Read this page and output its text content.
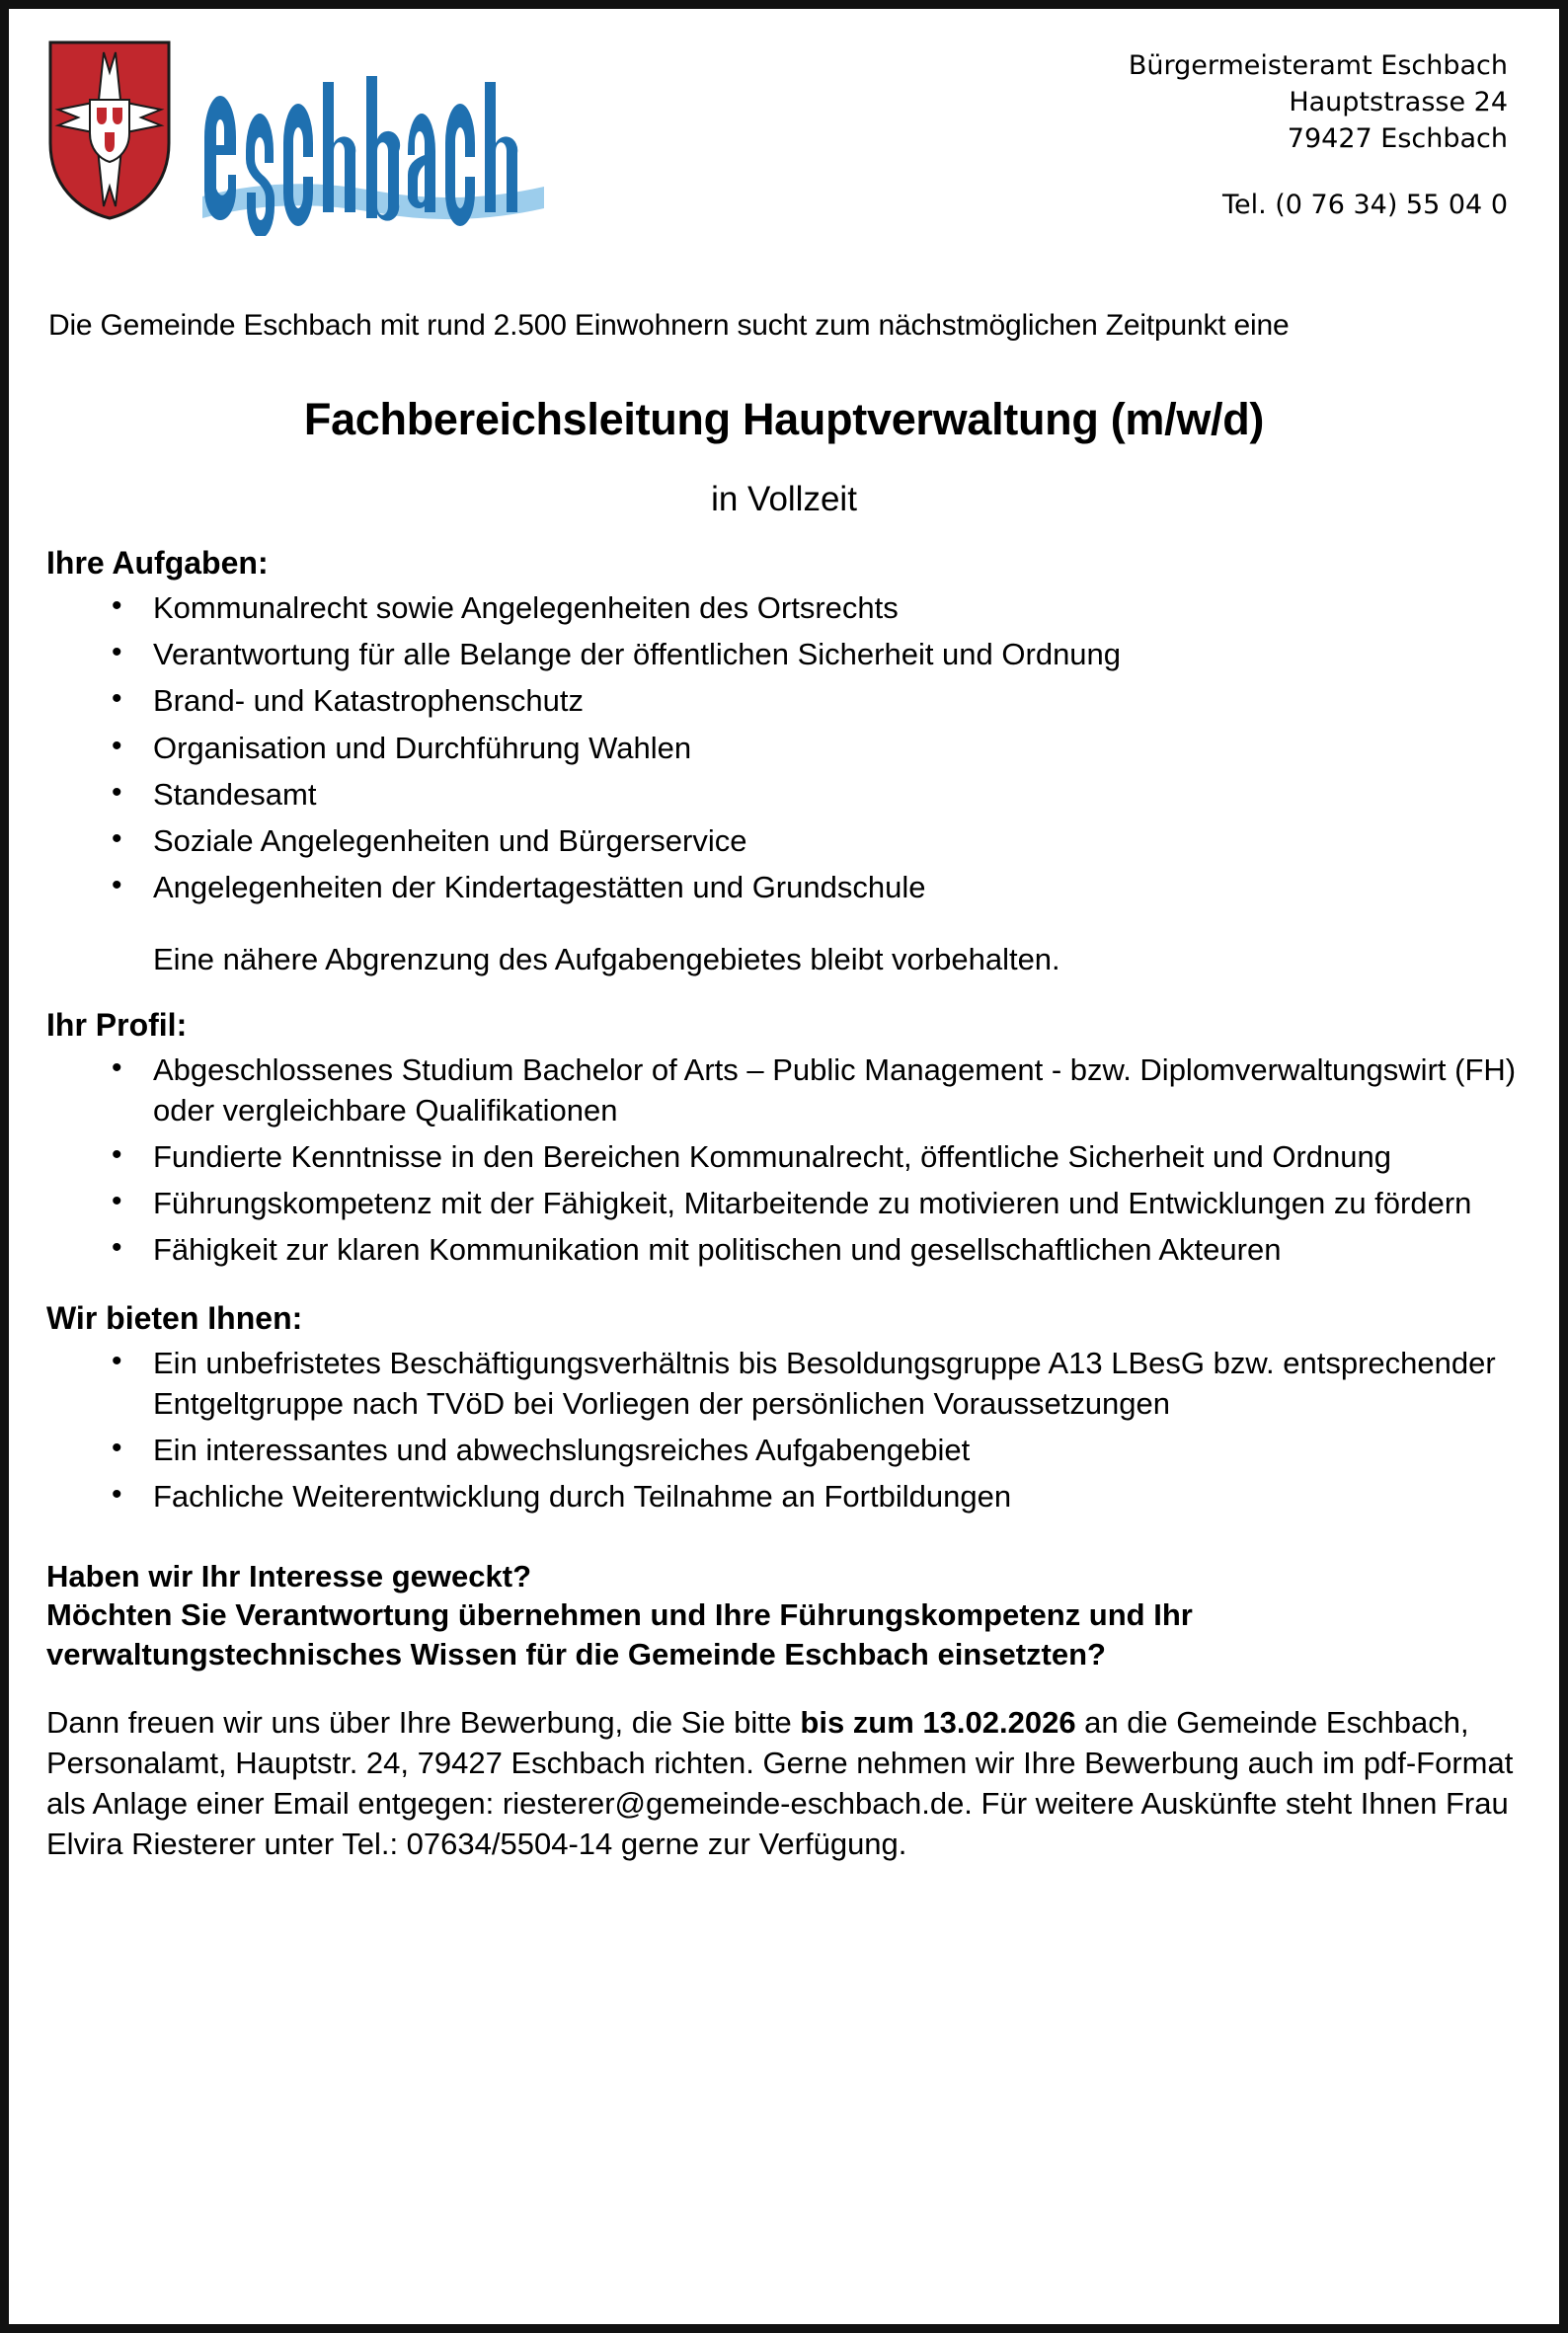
Bürgermeisteramt Eschbach
Hauptstrasse 24
79427 Eschbach
Tel. (0 76 34) 55 04 0
Die Gemeinde Eschbach mit rund 2.500 Einwohnern sucht zum nächstmöglichen Zeitpunkt eine
Fachbereichsleitung Hauptverwaltung (m/w/d)
in Vollzeit
Ihre Aufgaben:
• Kommunalrecht sowie Angelegenheiten des Ortsrechts
• Verantwortung für alle Belange der öffentlichen Sicherheit und Ordnung
• Brand- und Katastrophenschutz
• Organisation und Durchführung Wahlen
• Standesamt
• Soziale Angelegenheiten und Bürgerservice
• Angelegenheiten der Kindertagestätten und Grundschule
Eine nähere Abgrenzung des Aufgabengebietes bleibt vorbehalten.
Ihr Profil:
• Abgeschlossenes Studium Bachelor of Arts – Public Management - bzw. Diplomverwaltungswirt (FH) oder vergleichbare Qualifikationen
• Fundierte Kenntnisse in den Bereichen Kommunalrecht, öffentliche Sicherheit und Ordnung
• Führungskompetenz mit der Fähigkeit, Mitarbeitende zu motivieren und Entwicklungen zu fördern
• Fähigkeit zur klaren Kommunikation mit politischen und gesellschaftlichen Akteuren
Wir bieten Ihnen:
• Ein unbefristetes Beschäftigungsverhältnis bis Besoldungsgruppe A13 LBesG bzw. entsprechender Entgeltgruppe nach TVöD bei Vorliegen der persönlichen Voraussetzungen
• Ein interessantes und abwechslungsreiches Aufgabengebiet
• Fachliche Weiterentwicklung durch Teilnahme an Fortbildungen
Haben wir Ihr Interesse geweckt?
Möchten Sie Verantwortung übernehmen und Ihre Führungskompetenz und Ihr
verwaltungstechnisches Wissen für die Gemeinde Eschbach einsetzten?
Dann freuen wir uns über Ihre Bewerbung, die Sie bitte bis zum 13.02.2026 an die Gemeinde Eschbach, Personalamt, Hauptstr. 24, 79427 Eschbach richten. Gerne nehmen wir Ihre Bewerbung auch im pdf-Format als Anlage einer Email entgegen: riesterer@gemeinde-eschbach.de. Für weitere Auskünfte steht Ihnen Frau Elvira Riesterer unter Tel.: 07634/5504-14 gerne zur Verfügung.
